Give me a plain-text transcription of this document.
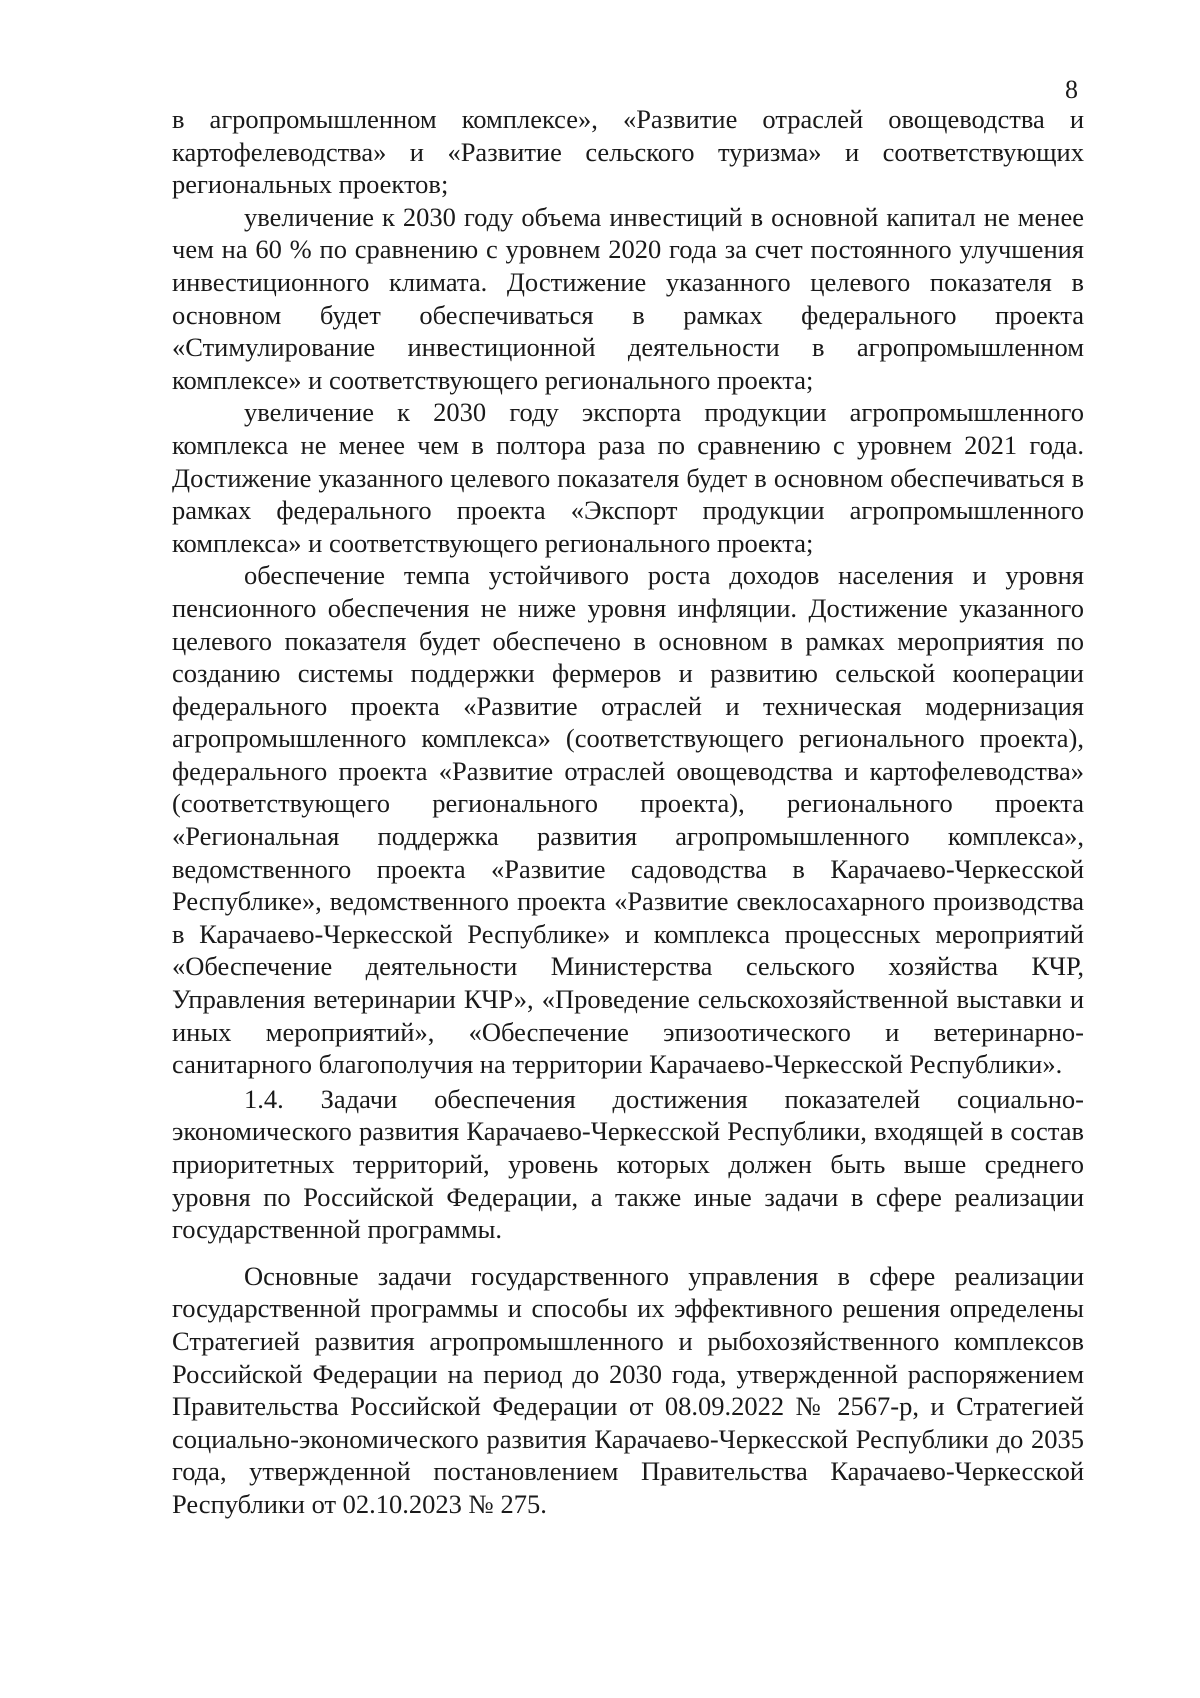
8

в агропромышленном комплексе», «Развитие отраслей овощеводства и картофелеводства» и «Развитие сельского туризма» и соответствующих региональных проектов;

увеличение к 2030 году объема инвестиций в основной капитал не менее чем на 60 % по сравнению с уровнем 2020 года за счет постоянного улучшения инвестиционного климата. Достижение указанного целевого показателя в основном будет обеспечиваться в рамках федерального проекта «Стимулирование инвестиционной деятельности в агропромышленном комплексе» и соответствующего регионального проекта;

увеличение к 2030 году экспорта продукции агропромышленного комплекса не менее чем в полтора раза по сравнению с уровнем 2021 года. Достижение указанного целевого показателя будет в основном обеспечиваться в рамках федерального проекта «Экспорт продукции агропромышленного комплекса» и соответствующего регионального проекта;

обеспечение темпа устойчивого роста доходов населения и уровня пенсионного обеспечения не ниже уровня инфляции. Достижение указанного целевого показателя будет обеспечено в основном в рамках мероприятия по созданию системы поддержки фермеров и развитию сельской кооперации федерального проекта «Развитие отраслей и техническая модернизация агропромышленного комплекса» (соответствующего регионального проекта), федерального проекта «Развитие отраслей овощеводства и картофелеводства» (соответствующего регионального проекта), регионального проекта «Региональная поддержка развития агропромышленного комплекса», ведомственного проекта «Развитие садоводства в Карачаево-Черкесской Республике», ведомственного проекта «Развитие свеклосахарного производства в Карачаево-Черкесской Республике» и комплекса процессных мероприятий «Обеспечение деятельности Министерства сельского хозяйства КЧР, Управления ветеринарии КЧР», «Проведение сельскохозяйственной выставки и иных мероприятий», «Обеспечение эпизоотического и ветеринарно-санитарного благополучия на территории Карачаево-Черкесской Республики».

1.4. Задачи обеспечения достижения показателей социально-экономического развития Карачаево-Черкесской Республики, входящей в состав приоритетных территорий, уровень которых должен быть выше среднего уровня по Российской Федерации, а также иные задачи в сфере реализации государственной программы.

Основные задачи государственного управления в сфере реализации государственной программы и способы их эффективного решения определены Стратегией развития агропромышленного и рыбохозяйственного комплексов Российской Федерации на период до 2030 года, утвержденной распоряжением Правительства Российской Федерации от 08.09.2022 № 2567-р, и Стратегией социально-экономического развития Карачаево-Черкесской Республики до 2035 года, утвержденной постановлением Правительства Карачаево-Черкесской Республики от 02.10.2023 № 275.
